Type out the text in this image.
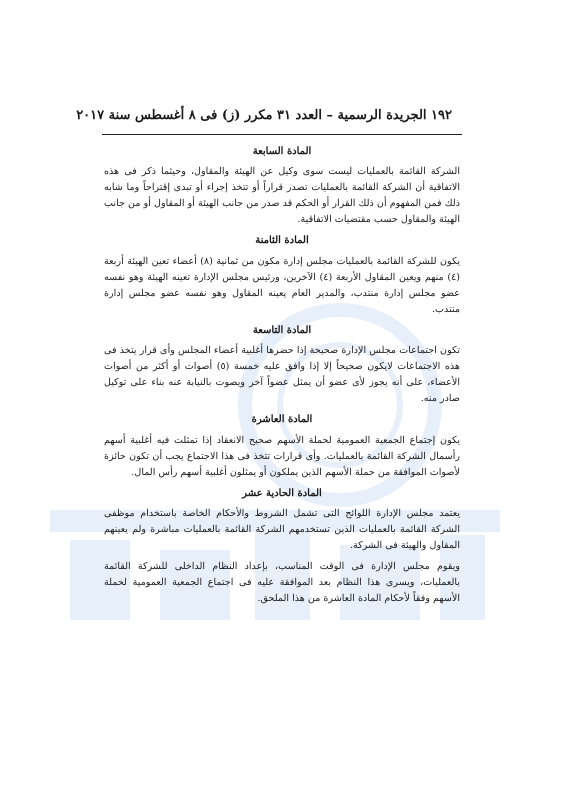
١٩٢ الجريدة الرسمية – العدد ٣١ مكرر (ز) فى ٨ أغسطس سنة ٢٠١٧
المادة السابعة

الشركة القائمة بالعمليات ليست سوى وكيل عن الهيئة والمقاول، وحيثما ذكر فى هذه الاتفاقية أن الشركة القائمة بالعمليات تصدر قراراً أو تتخذ إجراء أو تبدى إقتراحاً وما شابه ذلك فمن المفهوم أن ذلك القرار أو الحكم قد صدر من جانب الهيئة أو المقاول أو من جانب الهيئة والمقاول حسب مقتضيات الاتفاقية.

المادة الثامنة

يكون للشركة القائمة بالعمليات مجلس إدارة مكون من ثمانية (٨) أعضاء تعين الهيئة أربعة (٤) منهم ويعين المقاول الأربعة (٤) الآخرين، ورئيس مجلس الإدارة تعينه الهيئة وهو نفسه عضو مجلس إدارة منتدب، والمدير العام يعينه المقاول وهو نفسه عضو مجلس إدارة منتدب.

المادة التاسعة

تكون اجتماعات مجلس الإدارة صحيحة إذا حضرها أغلبية أعضاء المجلس وأى قرار يتخذ فى هذه الاجتماعات لايكون صحيحاً إلا إذا وافق عليه خمسة (٥) أصوات أو أكثر من أصوات الأعضاء، على أنه يجوز لأى عضو أن يمثل عضواً آخر ويصوت بالنيابة عنه بناء على توكيل صادر منه.

المادة العاشرة

يكون إجتماع الجمعية العمومية لحملة الأسهم صحيح الانعقاد إذا تمثلت فيه أغلبية أسهم رأسمال الشركة القائمة بالعمليات. وأى قرارات تتخذ فى هذا الاجتماع يجب أن تكون حائزة لأصوات الموافقة من حملة الأسهم الذين يملكون أو يمثلون أغلبية أسهم رأس المال.

المادة الحادية عشر

يعتمد مجلس الإدارة اللوائح التى تشمل الشروط والأحكام الخاصة باستخدام موظفى الشركة القائمة بالعمليات الذين تستخدمهم الشركة القائمة بالعمليات مباشرة ولم يعينهم المقاول والهيئة فى الشركة.

ويقوم مجلس الإدارة فى الوقت المناسب، بإعداد النظام الداخلى للشركة القائمة بالعمليات، ويسرى هذا النظام بعد الموافقة عليه فى اجتماع الجمعية العمومية لحملة الأسهم وفقاً لأحكام المادة العاشرة من هذا الملحق.
